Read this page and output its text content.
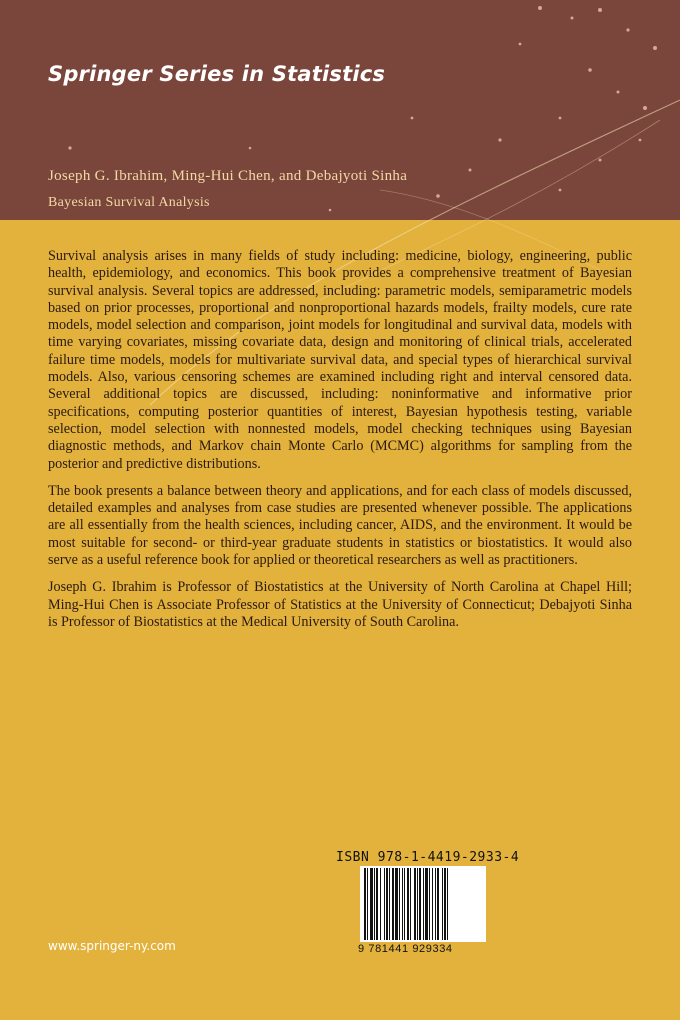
Springer Series in Statistics
Joseph G. Ibrahim, Ming-Hui Chen, and Debajyoti Sinha
Bayesian Survival Analysis

Survival analysis arises in many fields of study including: medicine, biology, engineering, public health, epidemiology, and economics. This book provides a comprehensive treatment of Bayesian survival analysis. Several topics are addressed, including: parametric models, semiparametric models based on prior processes, proportional and nonproportional hazards models, frailty models, cure rate models, model selection and comparison, joint models for longitudinal and survival data, models with time varying covariates, missing covariate data, design and monitoring of clinical trials, accelerated failure time models, models for multivariate survival data, and special types of hierarchical survival models. Also, various censoring schemes are examined including right and interval censored data. Several additional topics are discussed, including: noninformative and informative prior specifications, computing posterior quantities of interest, Bayesian hypothesis testing, variable selection, model selection with nonnested models, model checking techniques using Bayesian diagnostic methods, and Markov chain Monte Carlo (MCMC) algorithms for sampling from the posterior and predictive distributions.

The book presents a balance between theory and applications, and for each class of models discussed, detailed examples and analyses from case studies are presented whenever possible. The applications are all essentially from the health sciences, including cancer, AIDS, and the environment. It would be most suitable for second- or third-year graduate students in statistics or biostatistics. It would also serve as a useful reference book for applied or theoretical researchers as well as practitioners.

Joseph G. Ibrahim is Professor of Biostatistics at the University of North Carolina at Chapel Hill; Ming-Hui Chen is Associate Professor of Statistics at the University of Connecticut; Debajyoti Sinha is Professor of Biostatistics at the Medical University of South Carolina.

ISBN 978-1-4419-2933-4
9 781441 929334
www.springer-ny.com
